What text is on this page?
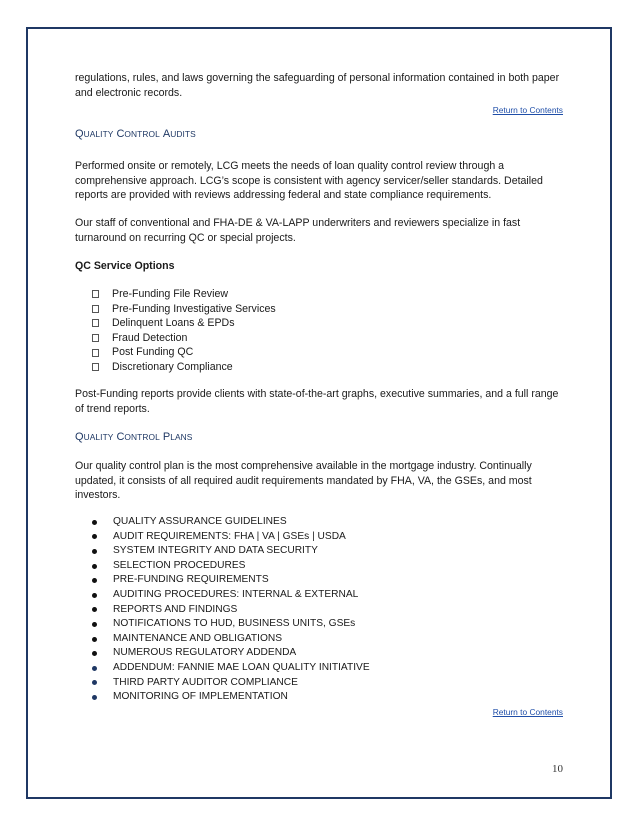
regulations, rules, and laws governing the safeguarding of personal information contained in both paper
and electronic records.
Return to Contents
QUALITY CONTROL AUDITS
Performed onsite or remotely, LCG meets the needs of loan quality control review through a
comprehensive approach. LCG’s scope is consistent with agency servicer/seller standards. Detailed
reports are provided with reviews addressing federal and state compliance requirements.
Our staff of conventional and FHA-DE & VA-LAPP underwriters and reviewers specialize in fast
turnaround on recurring QC or special projects.
QC Service Options
Pre-Funding File Review
Pre-Funding Investigative Services
Delinquent Loans & EPDs
Fraud Detection
Post Funding QC
Discretionary Compliance
Post-Funding reports provide clients with state-of-the-art graphs, executive summaries, and a full range
of trend reports.
QUALITY CONTROL PLANS
Our quality control plan is the most comprehensive available in the mortgage industry. Continually
updated, it consists of all required audit requirements mandated by FHA, VA, the GSEs, and most
investors.
QUALITY ASSURANCE GUIDELINES
AUDIT REQUIREMENTS: FHA | VA | GSEs | USDA
SYSTEM INTEGRITY AND DATA SECURITY
SELECTION PROCEDURES
PRE-FUNDING REQUIREMENTS
AUDITING PROCEDURES: INTERNAL & EXTERNAL
REPORTS AND FINDINGS
NOTIFICATIONS TO HUD, BUSINESS UNITS, GSEs
MAINTENANCE AND OBLIGATIONS
NUMEROUS REGULATORY ADDENDA
ADDENDUM: FANNIE MAE LOAN QUALITY INITIATIVE
THIRD PARTY AUDITOR COMPLIANCE
MONITORING OF IMPLEMENTATION
Return to Contents
10
